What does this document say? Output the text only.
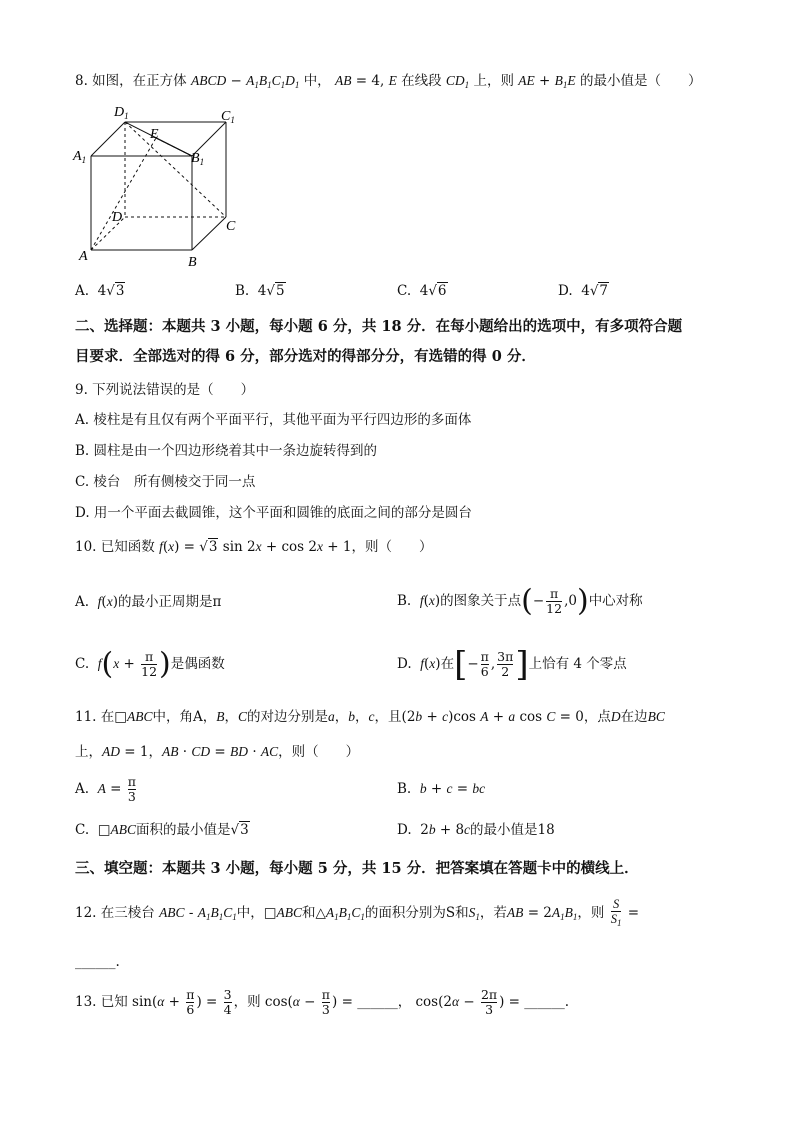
8. 如图，在正方体 ABCD − $A_1B_1C_1D_1$ 中， AB = 4, E 在线段 $CD_1$ 上，则 AE + $B_1E$ 的最小值是（　　）
$D_1$	$C_1$
$A_1$	$B_1$
E
D
C
A	B
A.  4√3	B.  4√5	C.  4√6	D.  4√7
二、选择题：本题共 3 小题，每小题 6 分，共 18 分．在每小题给出的选项中，有多项符合题
目要求．全部选对的得 6 分，部分选对的得部分分，有选错的得 0 分．
9. 下列说法错误的是（　　）
A. 棱柱是有且仅有两个平面平行，其他平面为平行四边形的多面体
B. 圆柱是由一个四边形绕着其中一条边旋转得到的
C. 棱台　所有侧棱交于同一点
D. 用一个平面去截圆锥，这个平面和圆锥的底面之间的部分是圆台
10. 已知函数 f(x) = √3 sin 2x + cos 2x + 1，则（　　）
A. f(x)的最小正周期是π	B. f(x)的图象关于点(− $\frac{\pi}{12} ,0$)中心对称
C. $f(x + \frac{\pi}{12}$ )是偶函数	D. f(x)在[− $\frac{\pi}{6}$ , $\frac{3\pi}{2}$ ]上恰有 4 个零点
11. 在□ABC中，角A，B，C的对边分别是a，b，c，且(2b + c)cos A + a cos C = 0，点D在边BC
上，AD = 1，AB · CD = BD · AC，则（　　）
A. $A = \frac{\pi}{3}$	B. b + c = bc
C.  □ABC面积的最小值是√3	D.  2b + 8c的最小值是18
三、填空题：本题共 3 小题，每小题 5 分，共 15 分．把答案填在答题卡中的横线上．
12. 在三棱台 ABC - $A_1B_1C_1$中，□ABC和$\triangle A_1B_1C_1$的面积分别为S和$S_1$，若AB = $2A_1B_1$，则 $\frac{S}{S_1}$ =
______.
13. 已知 $\sin(\alpha + \frac{\pi}{6}$ ) = $\frac{3}{4}$ ，则 $\cos(\alpha - \frac{\pi}{3}$ ) = ______， $\cos(2\alpha - \frac{2\pi}{3}$ ) = ______.
